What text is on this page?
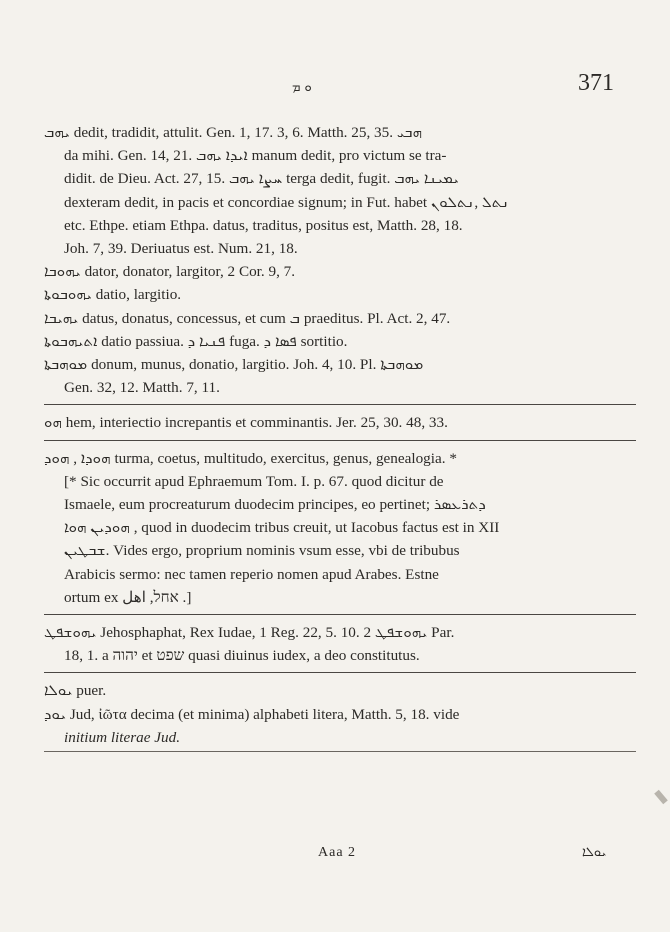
ܘ ܡ	371

ܝܗܒ dedit, tradidit, attulit. Gen. 1, 17. 3, 6. Matth. 25, 35. ܗܒܝ

da mihi. Gen. 14, 21. ܐܝܕܐ ܝܗܒ manum dedit, pro victum se tra-

didit. de Dieu. Act. 27, 15. ܚܨܐ ܝܗܒ terga dedit, fugit. ܝܡܝܢܐ ܝܗܒ

dexteram dedit, in pacis et concordiae signum; in Fut. habet ܢܬܠ ,ܢܬܠܘܢ

etc. Ethpe. etiam Ethpa. datus, traditus, positus est, Matth. 28, 18.

Joh. 7, 39. Deriuatus est. Num. 21, 18.

ܝܗܘܒܐ dator, donator, largitor, 2 Cor. 9, 7.

ܝܗܘܒܘܬܐ datio, largitio.

ܝܗܝܒܐ datus, donatus, concessus, et cum ܒ praeditus. Pl. Act. 2, 47.

ܐܬܝܗܒܘܬܐ datio passiua. ܦܢܝܐ ܕ fuga. ܦܣܐ ܕ sortitio.

ܡܘܗܒܬܐ donum, munus, donatio, largitio. Joh. 4, 10. Pl. ܡܘܗܒܬܐ

Gen. 32, 12. Matth. 7, 11.

ܗܘ hem, interiectio increpantis et comminantis. Jer. 25, 30. 48, 33.

ܗܘܕܐ , ܗܘܕ turma, coetus, multitudo, exercitus, genus, genealogia. *

[* Sic occurrit apud Ephraemum Tom. I. p. 67. quod dicitur de

Ismaele, eum procreaturum duodecim principes, eo pertinet; ܕܬܪܥܣܪ

ܗܘܕܝܢ ܗܘܐ , quod in duodecim tribus creuit, ut Iacobus factus est in XII

ܫܒܛܝܢ. Vides ergo, proprium nominis vsum esse, vbi de tribubus

Arabicis sermo: nec tamen reperio nomen apud Arabes. Estne

ortum ex אחל, اهل .]

ܝܗܘܫܦܛ Jehosphaphat, Rex Iudae, 1 Reg. 22, 5. 10. ܝܗܘܫܦܛ 2 Par.

18, 1. a יהוה et שפט quasi diuinus iudex, a deo constitutus.

ܝܘܠܐ puer.

ܝܘܕ Jud, ἰῶτα decima (et minima) alphabeti litera, Matth. 5, 18. vide

initium literae Jud.

Aaa 2	ܝܘܠܐ
